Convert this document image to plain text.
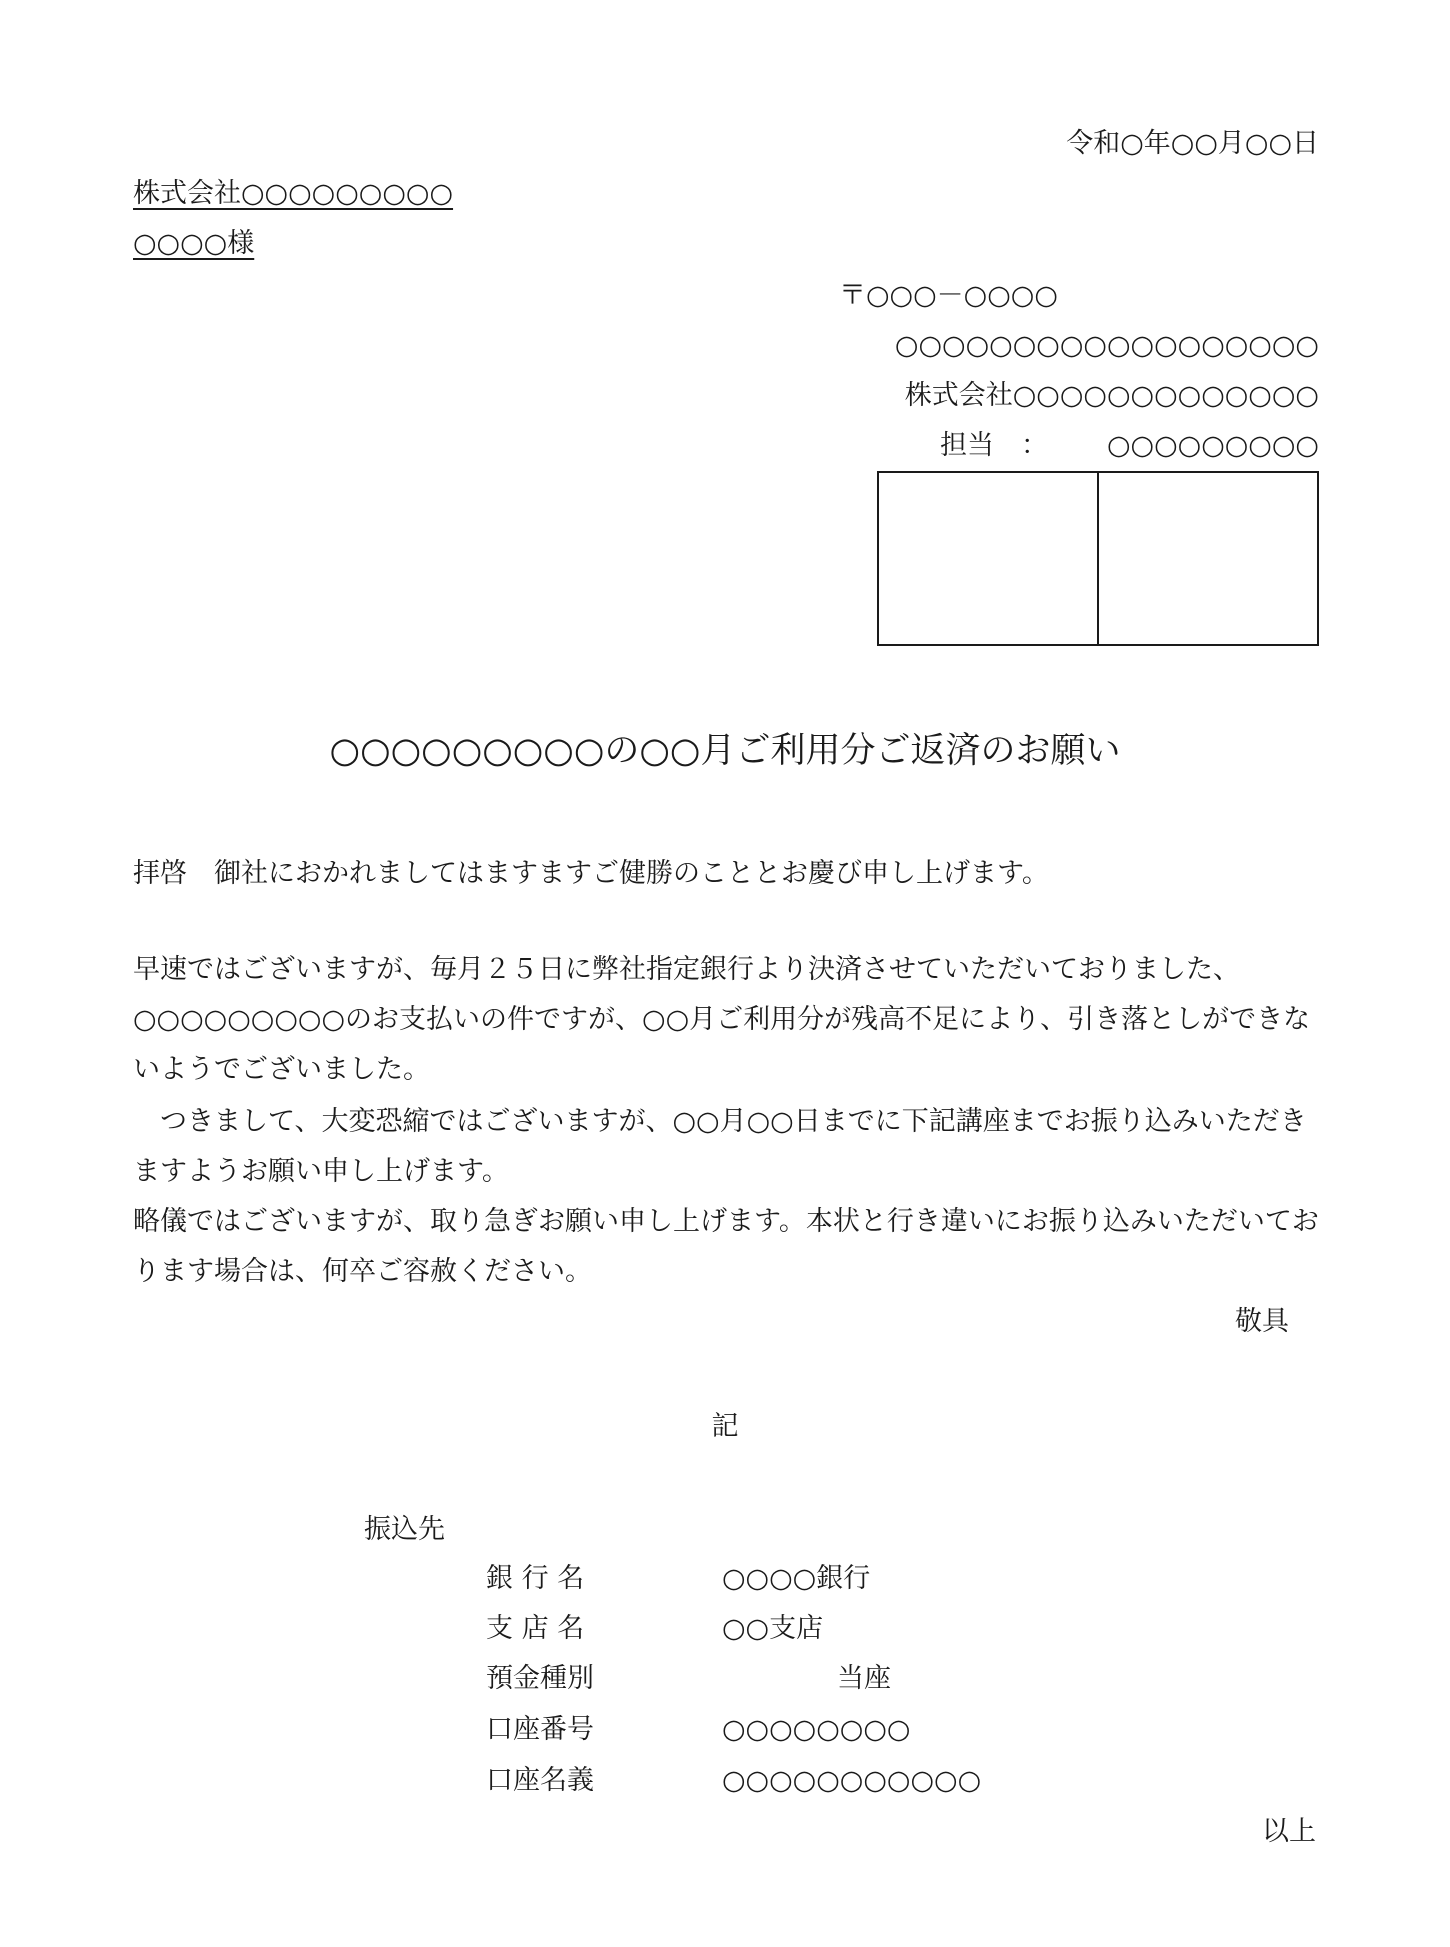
令和○年○○月○○日
株式会社○○○○○○○○○
○○○○様
〒○○○－○○○○
○○○○○○○○○○○○○○○○○○
株式会社○○○○○○○○○○○○○
担当　： ○○○○○○○○○
○○○○○○○○○の○○月ご利用分ご返済のお願い
拝啓　御社におかれましてはますますご健勝のこととお慶び申し上げます。
早速ではございますが、毎月２５日に弊社指定銀行より決済させていただいておりました、○○○○○○○○○のお支払いの件ですが、○○月ご利用分が残高不足により、引き落としができないようでございました。
　つきまして、大変恐縮ではございますが、○○月○○日までに下記講座までお振り込みいただきますようお願い申し上げます。
略儀ではございますが、取り急ぎお願い申し上げます。本状と行き違いにお振り込みいただいております場合は、何卒ご容赦ください。
敬具
記
振込先
銀 行 名	○○○○銀行
支 店 名	○○支店
預金種別	当座
口座番号	○○○○○○○○
口座名義	○○○○○○○○○○○
以上
